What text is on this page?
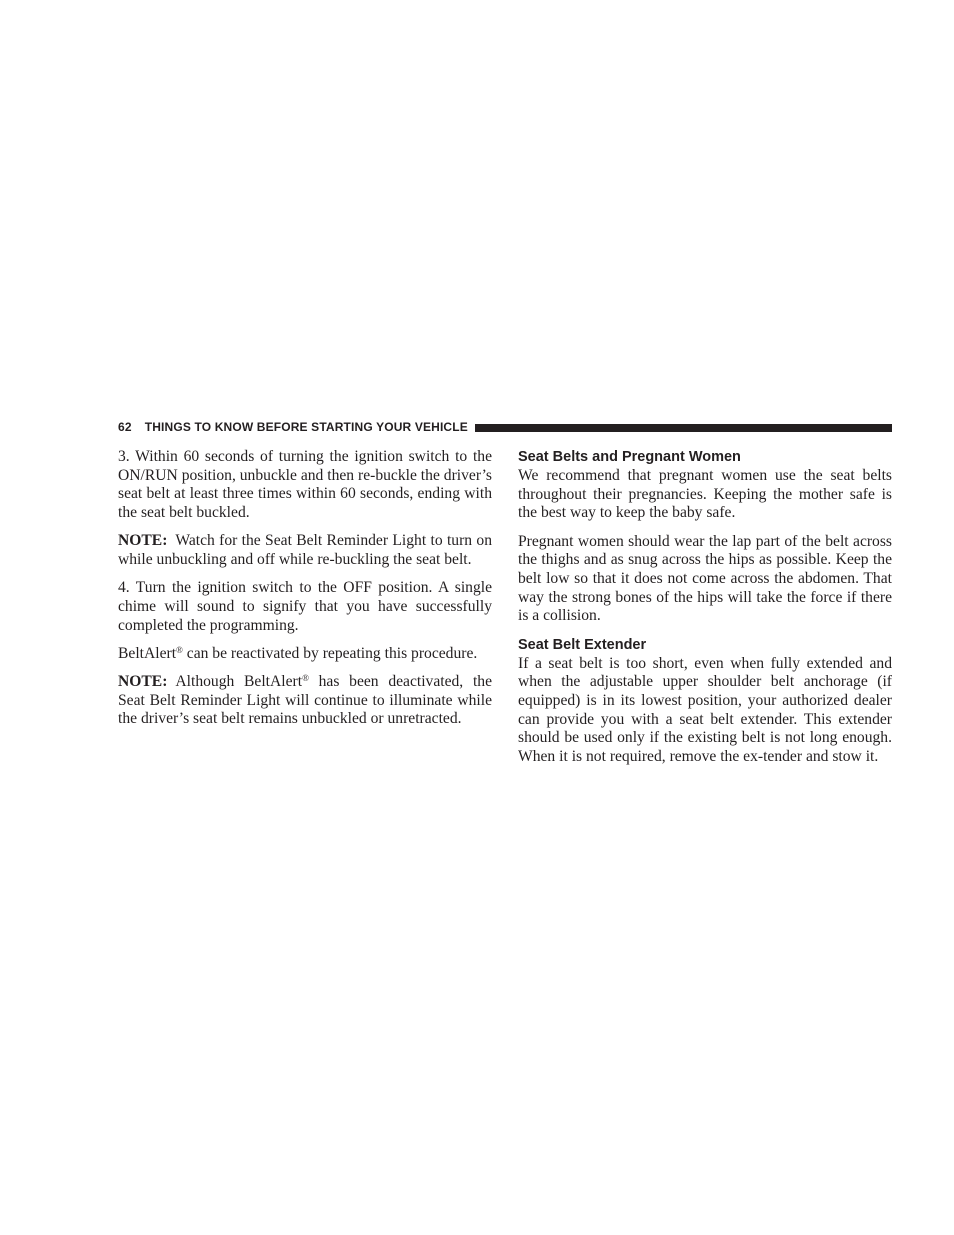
62 THINGS TO KNOW BEFORE STARTING YOUR VEHICLE

3. Within 60 seconds of turning the ignition switch to the ON/RUN position, unbuckle and then re-buckle the driver’s seat belt at least three times within 60 seconds, ending with the seat belt buckled.

NOTE: Watch for the Seat Belt Reminder Light to turn on while unbuckling and off while re-buckling the seat belt.

4. Turn the ignition switch to the OFF position. A single chime will sound to signify that you have successfully completed the programming.

BeltAlert® can be reactivated by repeating this procedure.

NOTE: Although BeltAlert® has been deactivated, the Seat Belt Reminder Light will continue to illuminate while the driver’s seat belt remains unbuckled or unretracted.

Seat Belts and Pregnant Women

We recommend that pregnant women use the seat belts throughout their pregnancies. Keeping the mother safe is the best way to keep the baby safe.

Pregnant women should wear the lap part of the belt across the thighs and as snug across the hips as possible. Keep the belt low so that it does not come across the abdomen. That way the strong bones of the hips will take the force if there is a collision.

Seat Belt Extender

If a seat belt is too short, even when fully extended and when the adjustable upper shoulder belt anchorage (if equipped) is in its lowest position, your authorized dealer can provide you with a seat belt extender. This extender should be used only if the existing belt is not long enough. When it is not required, remove the ex-tender and stow it.
